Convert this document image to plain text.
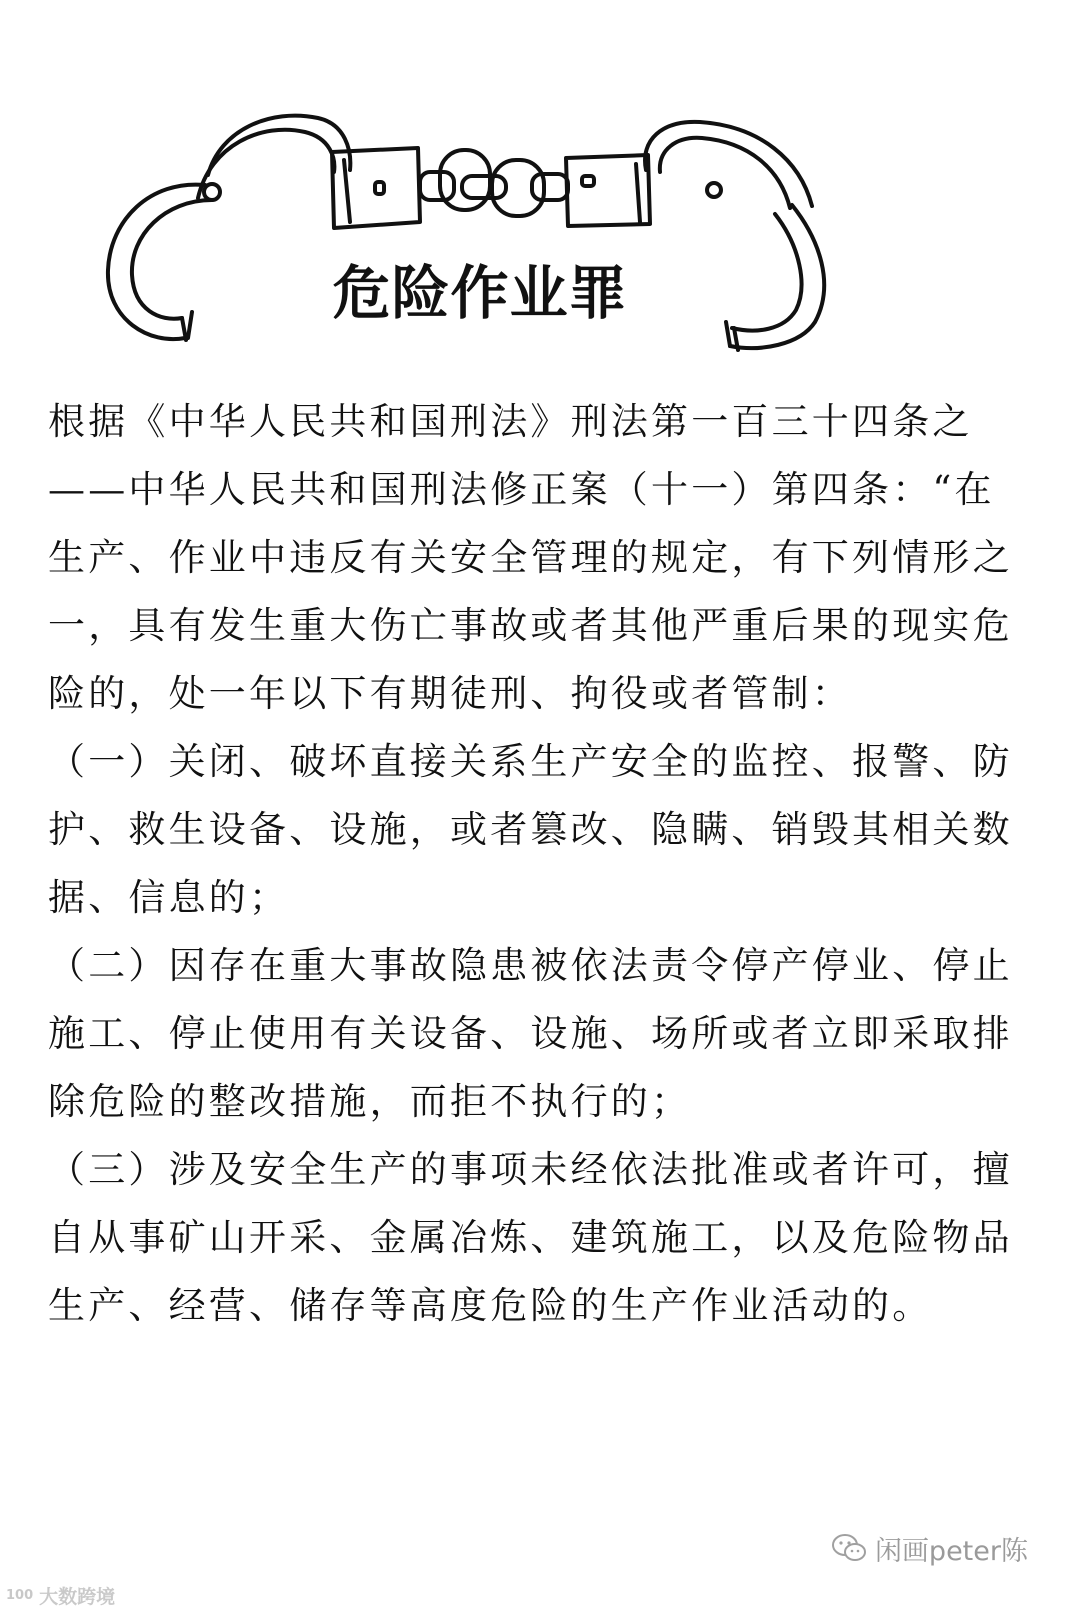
危险作业罪
根据《中华人民共和国刑法》刑法第一百三十四条之
——中华人民共和国刑法修正案（十一）第四条：“在
生产、作业中违反有关安全管理的规定，有下列情形之
一，具有发生重大伤亡事故或者其他严重后果的现实危
险的，处一年以下有期徒刑、拘役或者管制：
（一）关闭、破坏直接关系生产安全的监控、报警、防
护、救生设备、设施，或者篡改、隐瞒、销毁其相关数
据、信息的；
（二）因存在重大事故隐患被依法责令停产停业、停止
施工、停止使用有关设备、设施、场所或者立即采取排
除危险的整改措施，而拒不执行的；
（三）涉及安全生产的事项未经依法批准或者许可，擅
自从事矿山开采、金属冶炼、建筑施工，以及危险物品
生产、经营、储存等高度危险的生产作业活动的。
闲画peter陈
100 大数跨境
